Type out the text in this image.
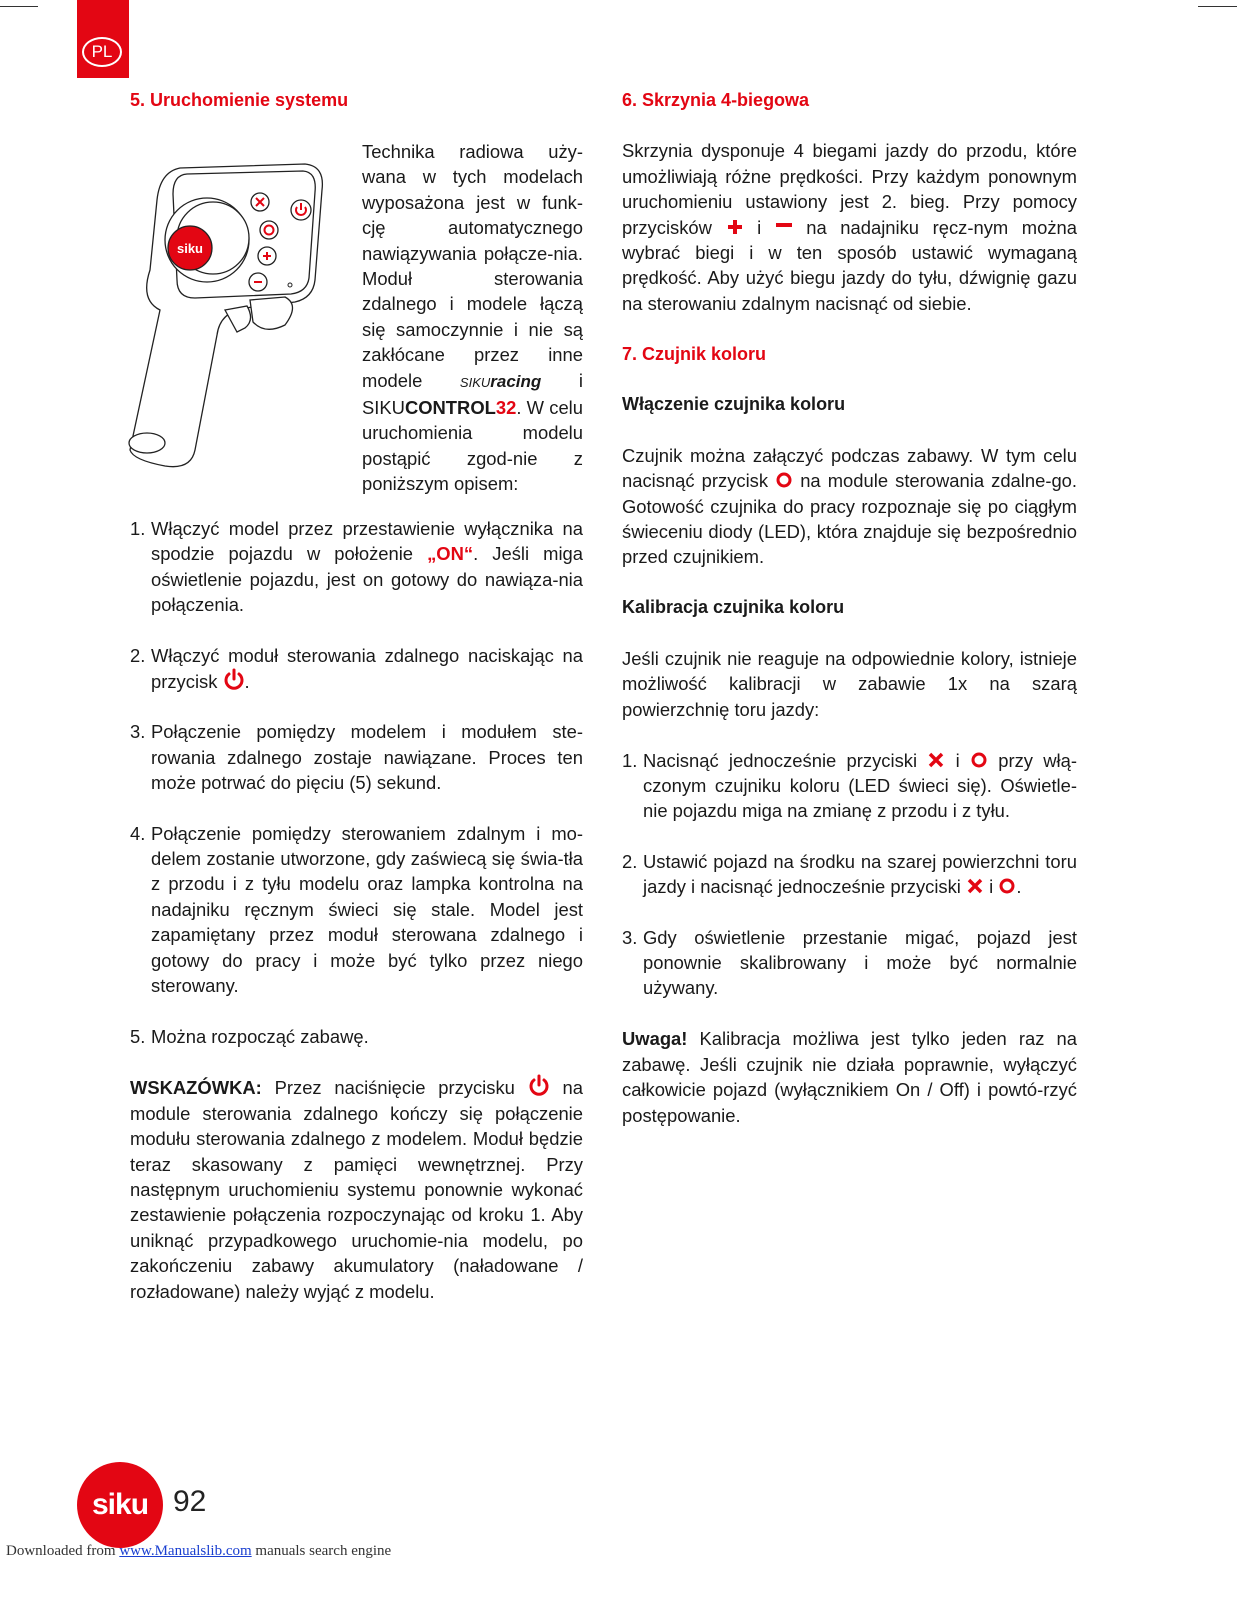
PL
5. Uruchomienie systemu
siku
Technika radiowa uży-wana w tych modelach wyposażona jest w funk-cję automatycznego nawiązywania połącze-nia. Moduł sterowania zdalnego i modele łączą się samoczynnie i nie są zakłócane przez inne modele	SIKUracing i SIKUCONTROL32. W celu uruchomienia modelu postąpić zgod-nie z poniższym opisem:
1. Włączyć model przez przestawienie wyłącznika na spodzie pojazdu w położenie „ON“. Jeśli miga oświetlenie pojazdu, jest on gotowy do nawiąza-nia połączenia.
2. Włączyć moduł sterowania zdalnego naciskając na przycisk .
3. Połączenie pomiędzy modelem i modułem ste-rowania zdalnego zostaje nawiązane. Proces ten może potrwać do pięciu (5) sekund.
4. Połączenie pomiędzy sterowaniem zdalnym i mo-delem zostanie utworzone, gdy zaświecą się świa-tła z przodu i z tyłu modelu oraz lampka kontrolna na nadajniku ręcznym świeci się stale. Model jest zapamiętany przez moduł sterowana zdalnego i gotowy do pracy i może być tylko przez niego sterowany.
5. Można rozpocząć zabawę.

WSKAZÓWKA: Przez naciśnięcie przycisku  na module sterowania zdalnego kończy się połączenie modułu sterowania zdalnego z modelem. Moduł będzie teraz skasowany z pamięci wewnętrznej. Przy następnym uruchomieniu systemu ponownie wykonać zestawienie połączenia rozpoczynając od kroku 1. Aby uniknąć przypadkowego uruchomie-nia modelu, po zakończeniu zabawy akumulatory (naładowane / rozładowane) należy wyjąć z modelu.

6. Skrzynia 4-biegowa

Skrzynia dysponuje 4 biegami jazdy do przodu, które umożliwiają różne prędkości. Przy każdym ponownym uruchomieniu ustawiony jest 2. bieg. Przy pomocy przycisków  i  na nadajniku ręcz-nym można wybrać biegi i w ten sposób ustawić wymaganą prędkość. Aby użyć biegu jazdy do tyłu, dźwignię gazu na sterowaniu zdalnym nacisnąć od siebie.

7. Czujnik koloru
Włączenie czujnika koloru

Czujnik można załączyć podczas zabawy. W tym celu nacisnąć przycisk  na module sterowania zdalne-go. Gotowość czujnika do pracy rozpoznaje się po ciągłym świeceniu diody (LED), która znajduje się bezpośrednio przed czujnikiem.

Kalibracja czujnika koloru

Jeśli czujnik nie reaguje na odpowiednie kolory, istnieje możliwość kalibracji w zabawie 1x na szarą powierzchnię toru jazdy:

1. Nacisnąć jednocześnie przyciski  i  przy włą-czonym czujniku koloru (LED świeci się). Oświetle-nie pojazdu miga na zmianę z przodu i z tyłu.
2. Ustawić pojazd na środku na szarej powierzchni toru jazdy i nacisnąć jednocześnie przyciski  i .
3. Gdy oświetlenie przestanie migać, pojazd jest ponownie skalibrowany i może być normalnie używany.

Uwaga! Kalibracja możliwa jest tylko jeden raz na zabawę. Jeśli czujnik nie działa poprawnie, wyłączyć całkowicie pojazd (wyłącznikiem On / Off) i powtó-rzyć postępowanie.

siku 92
Downloaded from www.Manualslib.com manuals search engine
